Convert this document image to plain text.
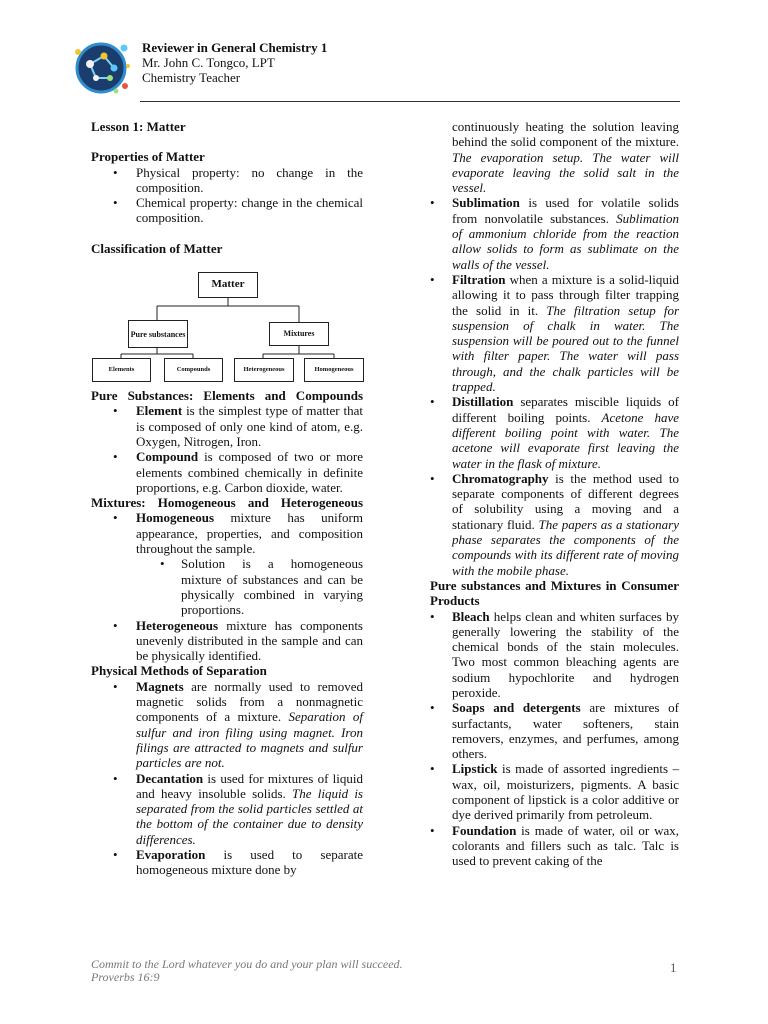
Reviewer in General Chemistry 1
Mr. John C. Tongco, LPT
Chemistry Teacher

Lesson 1: Matter

Properties of Matter

• Physical property: no change in the composition.
• Chemical property: change in the chemical composition.

Classification of Matter

Matter
Pure substances	Mixtures
Elements	Compounds	Heterogeneous	Homogeneous

Pure Substances: Elements and Compounds

• Element is the simplest type of matter that is composed of only one kind of atom, e.g. Oxygen, Nitrogen, Iron.
• Compound is composed of two or more elements combined chemically in definite proportions, e.g. Carbon dioxide, water.

Mixtures: Homogeneous and Heterogeneous

• Homogeneous mixture has uniform appearance, properties, and composition throughout the sample.
• Solution is a homogeneous mixture of substances and can be physically combined in varying proportions.
• Heterogeneous mixture has components unevenly distributed in the sample and can be physically identified.

Physical Methods of Separation

• Magnets are normally used to removed magnetic solids from a nonmagnetic components of a mixture. Separation of sulfur and iron filing using magnet. Iron filings are attracted to magnets and sulfur particles are not.
• Decantation is used for mixtures of liquid and heavy insoluble solids. The liquid is separated from the solid particles settled at the bottom of the container due to density differences.
• Evaporation is used to separate homogeneous mixture done by

continuously heating the solution leaving behind the solid component of the mixture. The evaporation setup. The water will evaporate leaving the solid salt in the vessel.

• Sublimation is used for volatile solids from nonvolatile substances. Sublimation of ammonium chloride from the reaction allow solids to form as sublimate on the walls of the vessel.
• Filtration when a mixture is a solid-liquid allowing it to pass through filter trapping the solid in it. The filtration setup for suspension of chalk in water. The suspension will be poured out to the funnel with filter paper. The water will pass through, and the chalk particles will be trapped.
• Distillation separates miscible liquids of different boiling points. Acetone have different boiling point with water. The acetone will evaporate first leaving the water in the flask of mixture.
• Chromatography is the method used to separate components of different degrees of solubility using a moving and a stationary fluid. The papers as a stationary phase separates the components of the compounds with its different rate of moving with the mobile phase.

Pure substances and Mixtures in Consumer Products

• Bleach helps clean and whiten surfaces by generally lowering the stability of the chemical bonds of the stain molecules. Two most common bleaching agents are sodium hypochlorite and hydrogen peroxide.
• Soaps and detergents are mixtures of surfactants, water softeners, stain removers, enzymes, and perfumes, among others.
• Lipstick is made of assorted ingredients – wax, oil, moisturizers, pigments. A basic component of lipstick is a color additive or dye derived primarily from petroleum.
• Foundation is made of water, oil or wax, colorants and fillers such as talc. Talc is used to prevent caking of the
Commit to the Lord whatever you do and your plan will succeed.
Proverbs 16:9
1
